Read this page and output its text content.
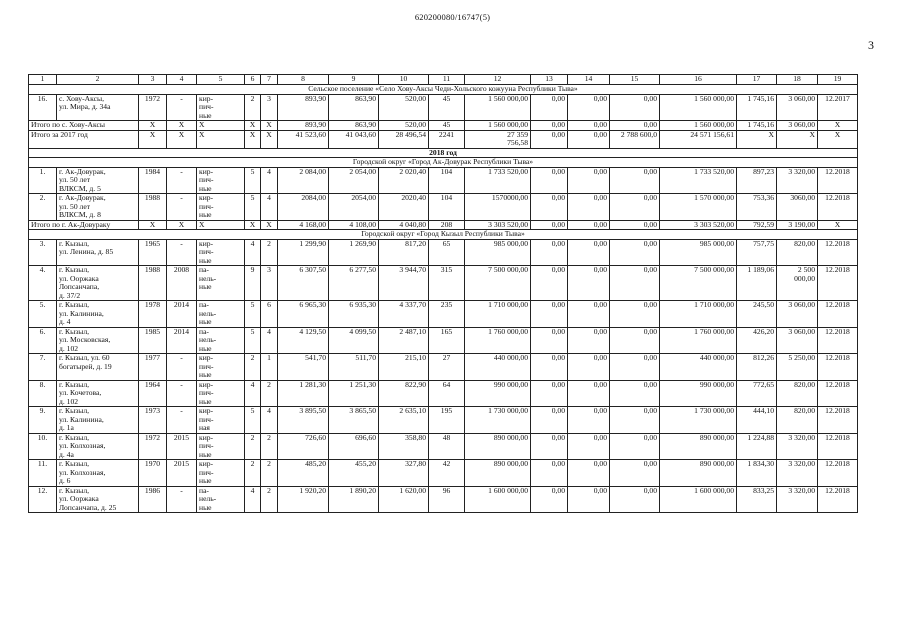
620200080/16747(5)
3
1	2	3	4	5	6	7	8	9	10	11	12	13	14	15	16	17	18	19
Сельское поселение «Село Хову-Аксы Чеди-Хольского кожууна Республики Тыва»																		
16.	с. Хову-Аксы,
ул. Мира, д. 34а	1972	-	кир-
пич-
ные	2	3	893,90	863,90	520,00	45	1 560 000,00	0,00	0,00	0,00	1 560 000,00	1 745,16	3 060,00	12.2017
Итого по с. Хову-Аксы		X	X	X	X	X	893,90	863,90	520,00	45	1 560 000,00	0,00	0,00	0,00	1 560 000,00	1 745,16	3 060,00	X
Итого за 2017 год		X	X	X	X	X	41 523,60	41 043,60	28 496,54	2241	27 359
756,58	0,00	0,00	2 788 600,0	24 571 156,61	X	X	X
2018 год																		
Городской округ «Город Ак-Довурак Республики Тыва»																		
1.	г. Ак-Довурак,
ул. 50 лет
ВЛКСМ, д. 5	1984	-	кир-
пич-
ные	5	4	2 084,00	2 054,00	2 020,40	104	1 733 520,00	0,00	0,00	0,00	1 733 520,00	897,23	3 320,00	12.2018
2.	г. Ак-Довурак,
ул. 50 лет
ВЛКСМ, д. 8	1988	-	кир-
пич-
ные	5	4	2084,00	2054,00	2020,40	104	1570000,00	0,00	0,00	0,00	1 570 000,00	753,36	3060,00	12.2018
Итого по г. Ак-Довураку		X	X	X	X	X	4 168,00	4 108,00	4 040,80	208	3 303 520,00	0,00	0,00	0,00	3 303 520,00	792,59	3 190,00	X
Городской округ «Город Кызыл Республики Тыва»																		
3.	г. Кызыл,
ул. Ленина, д. 85	1965	-	кир-
пич-
ные	4	2	1 299,90	1 269,90	817,20	65	985 000,00	0,00	0,00	0,00	985 000,00	757,75	820,00	12.2018
4.	г. Кызыл,
ул. Ооржака
Лопсанчапа,
д. 37/2	1988	2008	па-
нель-
ные	9	3	6 307,50	6 277,50	3 944,70	315	7 500 000,00	0,00	0,00	0,00	7 500 000,00	1 189,06	2 500
000,00	12.2018
5.	г. Кызыл,
ул. Калинина,
д. 4	1978	2014	па-
нель-
ные	5	6	6 965,30	6 935,30	4 337,70	235	1 710 000,00	0,00	0,00	0,00	1 710 000,00	245,50	3 060,00	12.2018
6.	г. Кызыл,
ул. Московская,
д. 102	1985	2014	па-
нель-
ные	5	4	4 129,50	4 099,50	2 487,10	165	1 760 000,00	0,00	0,00	0,00	1 760 000,00	426,20	3 060,00	12.2018
7.	г. Кызыл, ул. 60
богатырей, д. 19	1977	-	кир-
пич-
ные	2	1	541,70	511,70	215,10	27	440 000,00	0,00	0,00	0,00	440 000,00	812,26	5 250,00	12.2018
8.	г. Кызыл,
ул. Кочетова,
д. 102	1964	-	кир-
пич-
ные	4	2	1 281,30	1 251,30	822,90	64	990 000,00	0,00	0,00	0,00	990 000,00	772,65	820,00	12.2018
9.	г. Кызыл,
ул. Калинина,
д. 1а	1973	-	кир-
пич-
ная	5	4	3 895,50	3 865,50	2 635,10	195	1 730 000,00	0,00	0,00	0,00	1 730 000,00	444,10	820,00	12.2018
10.	г. Кызыл,
ул. Колхозная,
д. 4а	1972	2015	кир-
пич-
ные	2	2	726,60	696,60	358,80	48	890 000,00	0,00	0,00	0,00	890 000,00	1 224,88	3 320,00	12.2018
11.	г. Кызыл,
ул. Колхозная,
д. 6	1970	2015	кир-
пич-
ные	2	2	485,20	455,20	327,80	42	890 000,00	0,00	0,00	0,00	890 000,00	1 834,30	3 320,00	12.2018
12.	г. Кызыл,
ул. Ооржака
Лопсанчапа, д. 25	1986	-	па-
нель-
ные	4	2	1 920,20	1 890,20	1 620,00	96	1 600 000,00	0,00	0,00	0,00	1 600 000,00	833,25	3 320,00	12.2018
